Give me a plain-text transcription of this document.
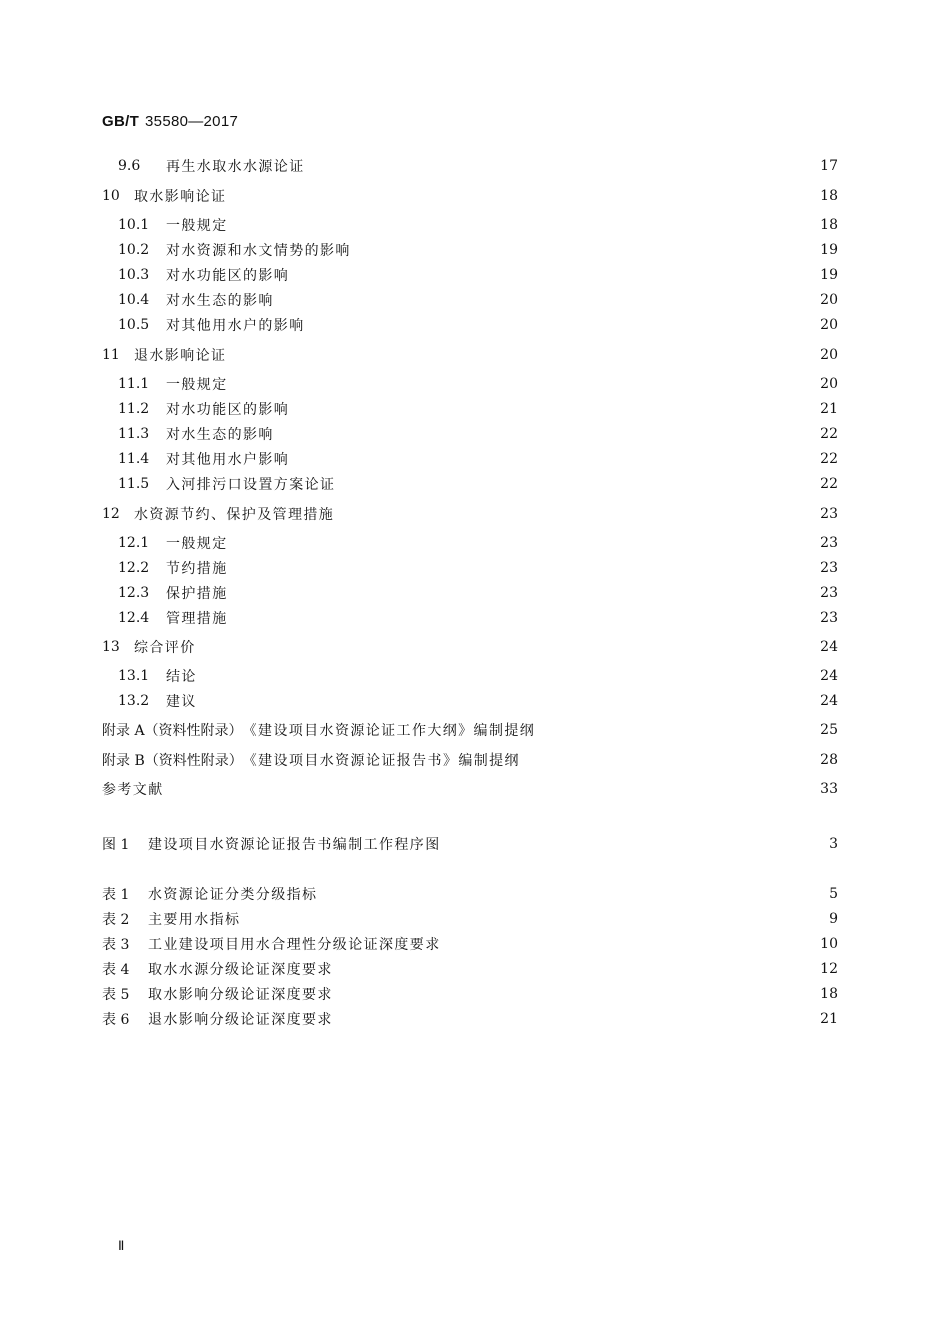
GB/T 35580—2017
9.6	再生水取水水源论证	17
10	取水影响论证	18
10.1	一般规定	18
10.2	对水资源和水文情势的影响	19
10.3	对水功能区的影响	19
10.4	对水生态的影响	20
10.5	对其他用水户的影响	20
11	退水影响论证	20
11.1	一般规定	20
11.2	对水功能区的影响	21
11.3	对水生态的影响	22
11.4	对其他用水户影响	22
11.5	入河排污口设置方案论证	22
12	水资源节约、保护及管理措施	23
12.1	一般规定	23
12.2	节约措施	23
12.3	保护措施	23
12.4	管理措施	23
13	综合评价	24
13.1	结论	24
13.2	建议	24
附录 A（资料性附录） 《建设项目水资源论证工作大纲》编制提纲	25
附录 B（资料性附录） 《建设项目水资源论证报告书》编制提纲	28
参考文献	33
图 1	建设项目水资源论证报告书编制工作程序图	3
表 1	水资源论证分类分级指标	5
表 2	主要用水指标	9
表 3	工业建设项目用水合理性分级论证深度要求	10
表 4	取水水源分级论证深度要求	12
表 5	取水影响分级论证深度要求	18
表 6	退水影响分级论证深度要求	21
Ⅱ
